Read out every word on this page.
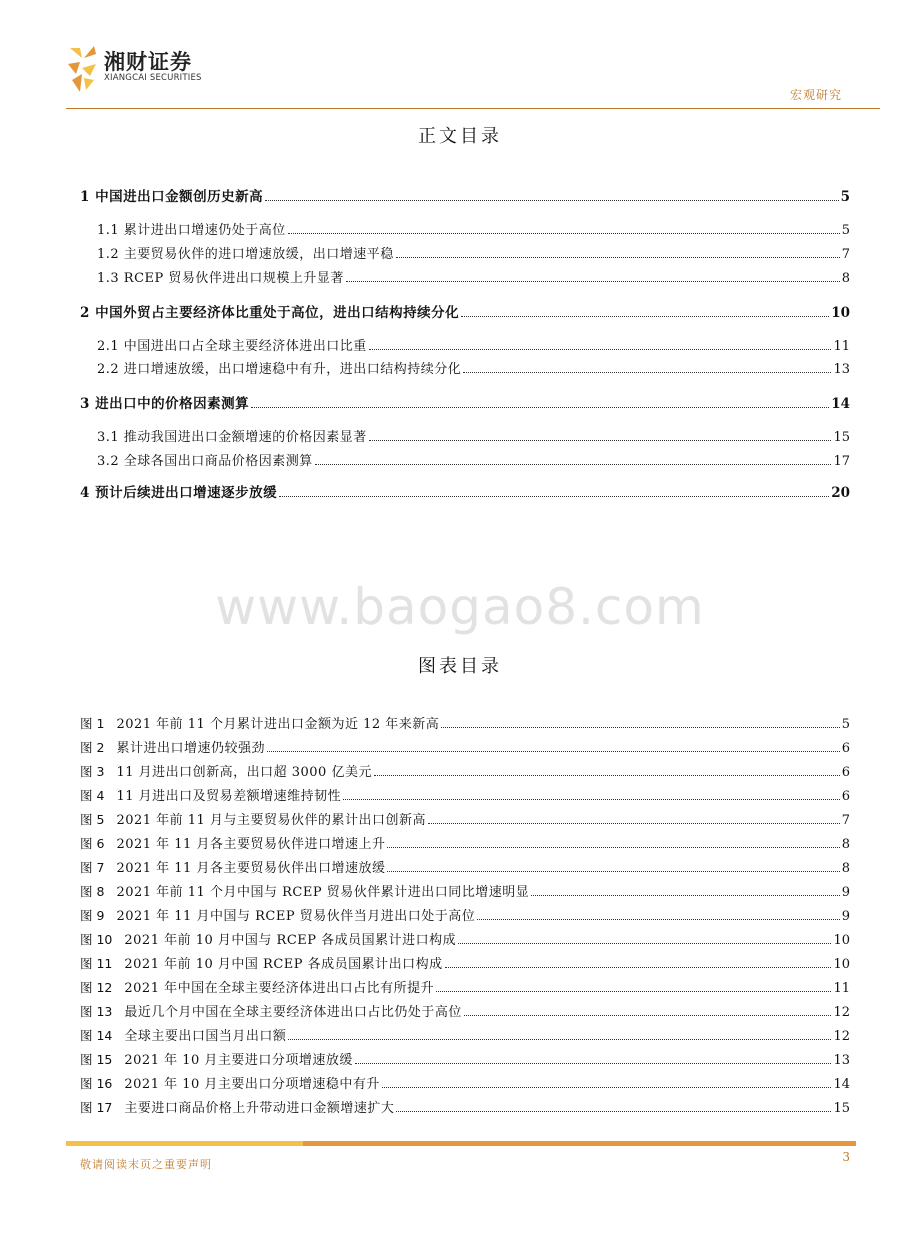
湘财证券
XIANGCAI SECURITIES
宏观研究
正文目录
1 中国进出口金额创历史新高	5
1.1 累计进出口增速仍处于高位	5
1.2 主要贸易伙伴的进口增速放缓，出口增速平稳	7
1.3 RCEP 贸易伙伴进出口规模上升显著	8
2 中国外贸占主要经济体比重处于高位，进出口结构持续分化	10
2.1 中国进出口占全球主要经济体进出口比重	11
2.2 进口增速放缓，出口增速稳中有升，进出口结构持续分化	13
3 进出口中的价格因素测算	14
3.1 推动我国进出口金额增速的价格因素显著	15
3.2 全球各国出口商品价格因素测算	17
4 预计后续进出口增速逐步放缓	20
www.baogao8.com
图表目录
图 1 2021 年前 11 个月累计进出口金额为近 12 年来新高	5
图 2 累计进出口增速仍较强劲	6
图 3 11 月进出口创新高，出口超 3000 亿美元	6
图 4 11 月进出口及贸易差额增速维持韧性	6
图 5 2021 年前 11 月与主要贸易伙伴的累计出口创新高	7
图 6 2021 年 11 月各主要贸易伙伴进口增速上升	8
图 7 2021 年 11 月各主要贸易伙伴出口增速放缓	8
图 8 2021 年前 11 个月中国与 RCEP 贸易伙伴累计进出口同比增速明显	9
图 9 2021 年 11 月中国与 RCEP 贸易伙伴当月进出口处于高位	9
图 10 2021 年前 10 月中国与 RCEP 各成员国累计进口构成	10
图 11 2021 年前 10 月中国 RCEP 各成员国累计出口构成	10
图 12 2021 年中国在全球主要经济体进出口占比有所提升	11
图 13 最近几个月中国在全球主要经济体进出口占比仍处于高位	12
图 14 全球主要出口国当月出口额	12
图 15 2021 年 10 月主要进口分项增速放缓	13
图 16 2021 年 10 月主要出口分项增速稳中有升	14
图 17 主要进口商品价格上升带动进口金额增速扩大	15
敬请阅读末页之重要声明
3
